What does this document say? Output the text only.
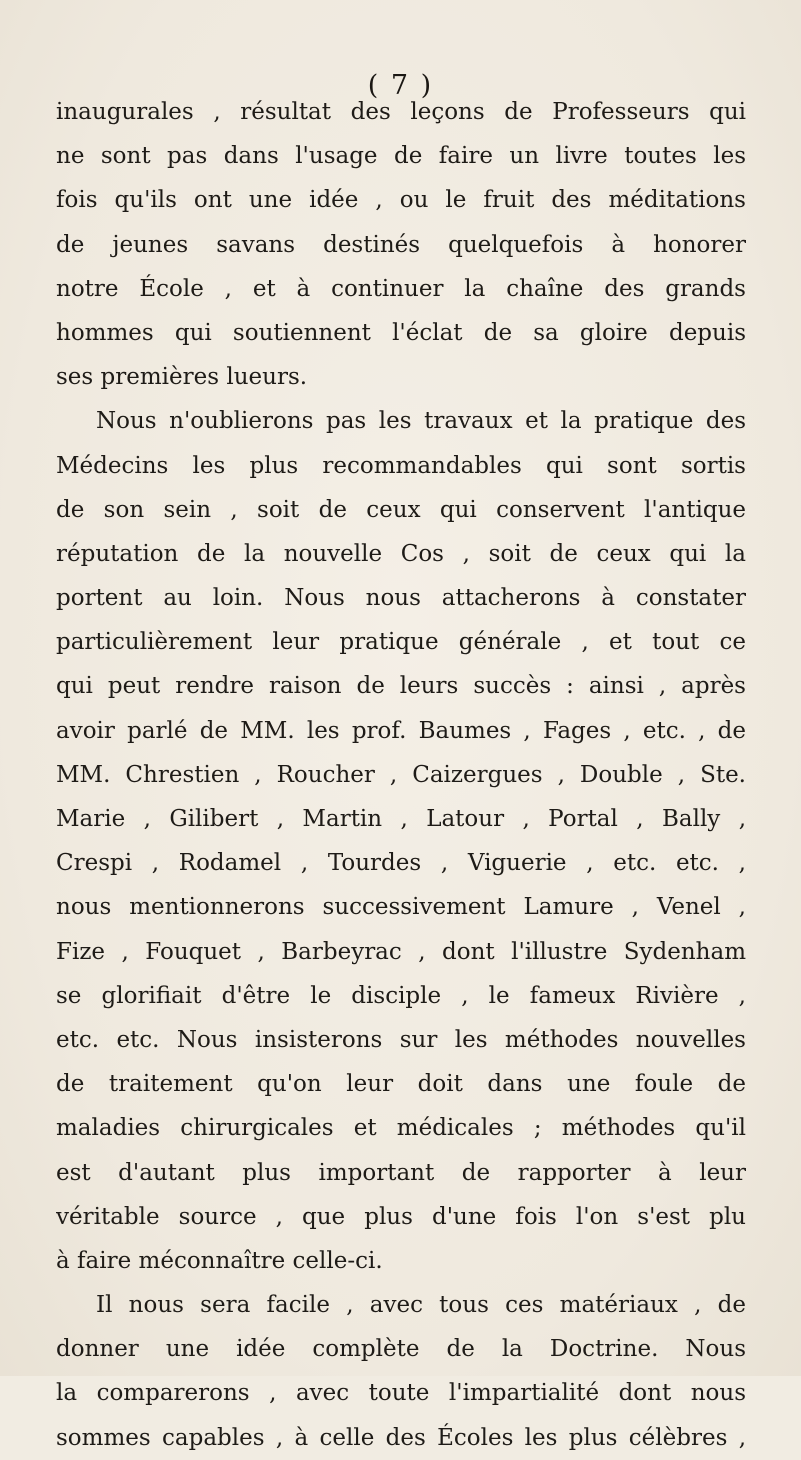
( 7 )
inaugurales , résultat des leçons de Professeurs qui
ne sont pas dans l'usage de faire un livre toutes les
fois qu'ils ont une idée , ou le fruit des méditations
de jeunes savans destinés quelquefois à honorer
notre École , et à continuer la chaîne des grands
hommes qui soutiennent l'éclat de sa gloire depuis
ses premières lueurs.
Nous n'oublierons pas les travaux et la pratique des
Médecins les plus recommandables qui sont sortis
de son sein , soit de ceux qui conservent l'antique
réputation de la nouvelle Cos , soit de ceux qui la
portent au loin. Nous nous attacherons à constater
particulièrement leur pratique générale , et tout ce
qui peut rendre raison de leurs succès : ainsi , après
avoir parlé de MM. les prof. Baumes , Fages , etc. , de
MM. Chrestien , Roucher , Caizergues , Double , Ste.
Marie , Gilibert , Martin , Latour , Portal , Bally ,
Crespi , Rodamel , Tourdes , Viguerie , etc. etc. ,
nous mentionnerons successivement Lamure , Venel ,
Fize , Fouquet , Barbeyrac , dont l'illustre Sydenham
se glorifiait d'être le disciple , le fameux Rivière ,
etc. etc. Nous insisterons sur les méthodes nouvelles
de traitement qu'on leur doit dans une foule de
maladies chirurgicales et médicales ; méthodes qu'il
est d'autant plus important de rapporter à leur
véritable source , que plus d'une fois l'on s'est plu
à faire méconnaître celle-ci.
Il nous sera facile , avec tous ces matériaux , de
donner une idée complète de la Doctrine. Nous
la comparerons , avec toute l'impartialité dont nous
sommes capables , à celle des Écoles les plus célèbres ,
